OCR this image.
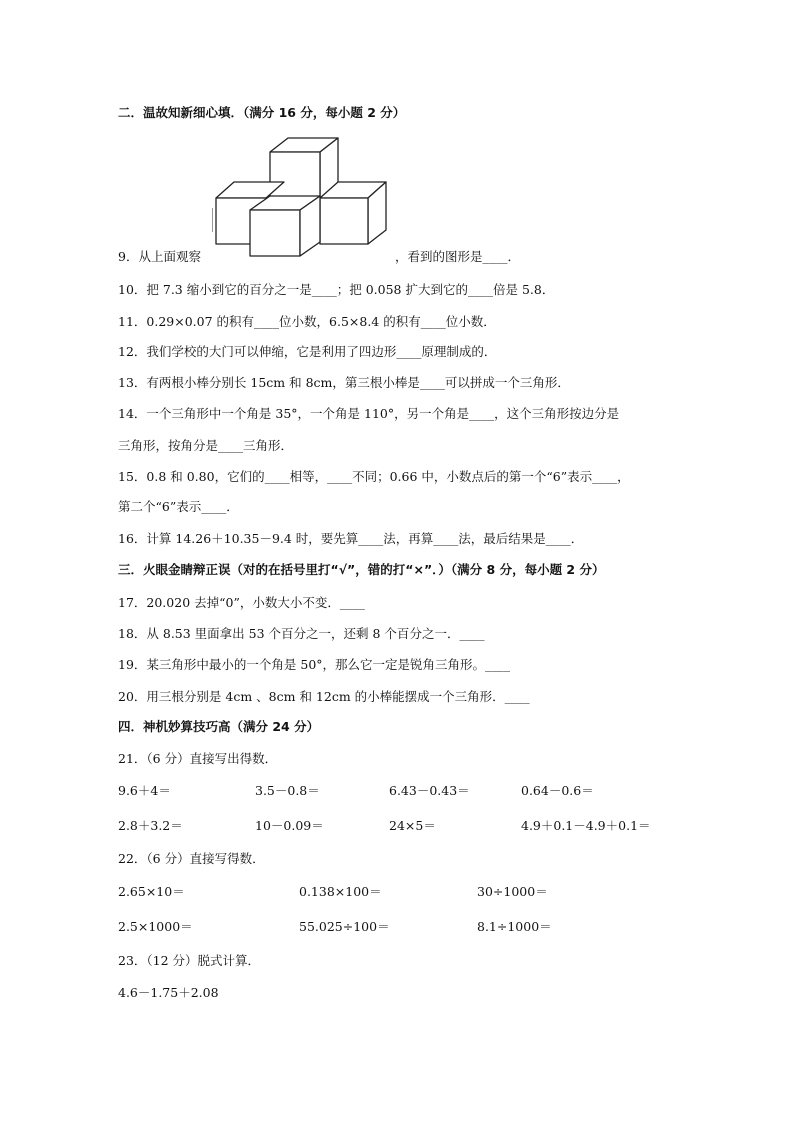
二．温故知新细心填．（满分 16 分，每小题 2 分）
9．从上面观察	，看到的图形是____．
10．把 7.3 缩小到它的百分之一是____；把 0.058 扩大到它的____倍是 5.8．
11．0.29×0.07 的积有____位小数，6.5×8.4 的积有____位小数．
12．我们学校的大门可以伸缩，它是利用了四边形____原理制成的．
13．有两根小棒分别长 15cm 和 8cm，第三根小棒是____可以拼成一个三角形．
14．一个三角形中一个角是 35°，一个角是 110°，另一个角是____，这个三角形按边分是
三角形，按角分是____三角形．
15．0.8 和 0.80，它们的____相等，____不同；0.66 中，小数点后的第一个“6”表示____，
第二个“6”表示____．
16．计算 14.26＋10.35－9.4 时，要先算____法，再算____法，最后结果是____．
三．火眼金睛辩正误（对的在括号里打“√”，错的打“×”．）（满分 8 分，每小题 2 分）
17．20.020 去掉“0”，小数大小不变．____
18．从 8.53 里面拿出 53 个百分之一，还剩 8 个百分之一．____
19．某三角形中最小的一个角是 50°，那么它一定是锐角三角形。____
20．用三根分别是 4cm 、8cm 和 12cm 的小棒能摆成一个三角形．____
四．神机妙算技巧高（满分 24 分）
21．（6 分）直接写出得数．
9.6＋4＝	3.5－0.8＝	6.43－0.43＝	0.64－0.6＝
2.8＋3.2＝	10－0.09＝	24×5＝	4.9＋0.1－4.9＋0.1＝
22．（6 分）直接写得数．
2.65×10＝	0.138×100＝	30÷1000＝
2.5×1000＝	55.025÷100＝	8.1÷1000＝
23．（12 分）脱式计算．
4.6－1.75＋2.08
